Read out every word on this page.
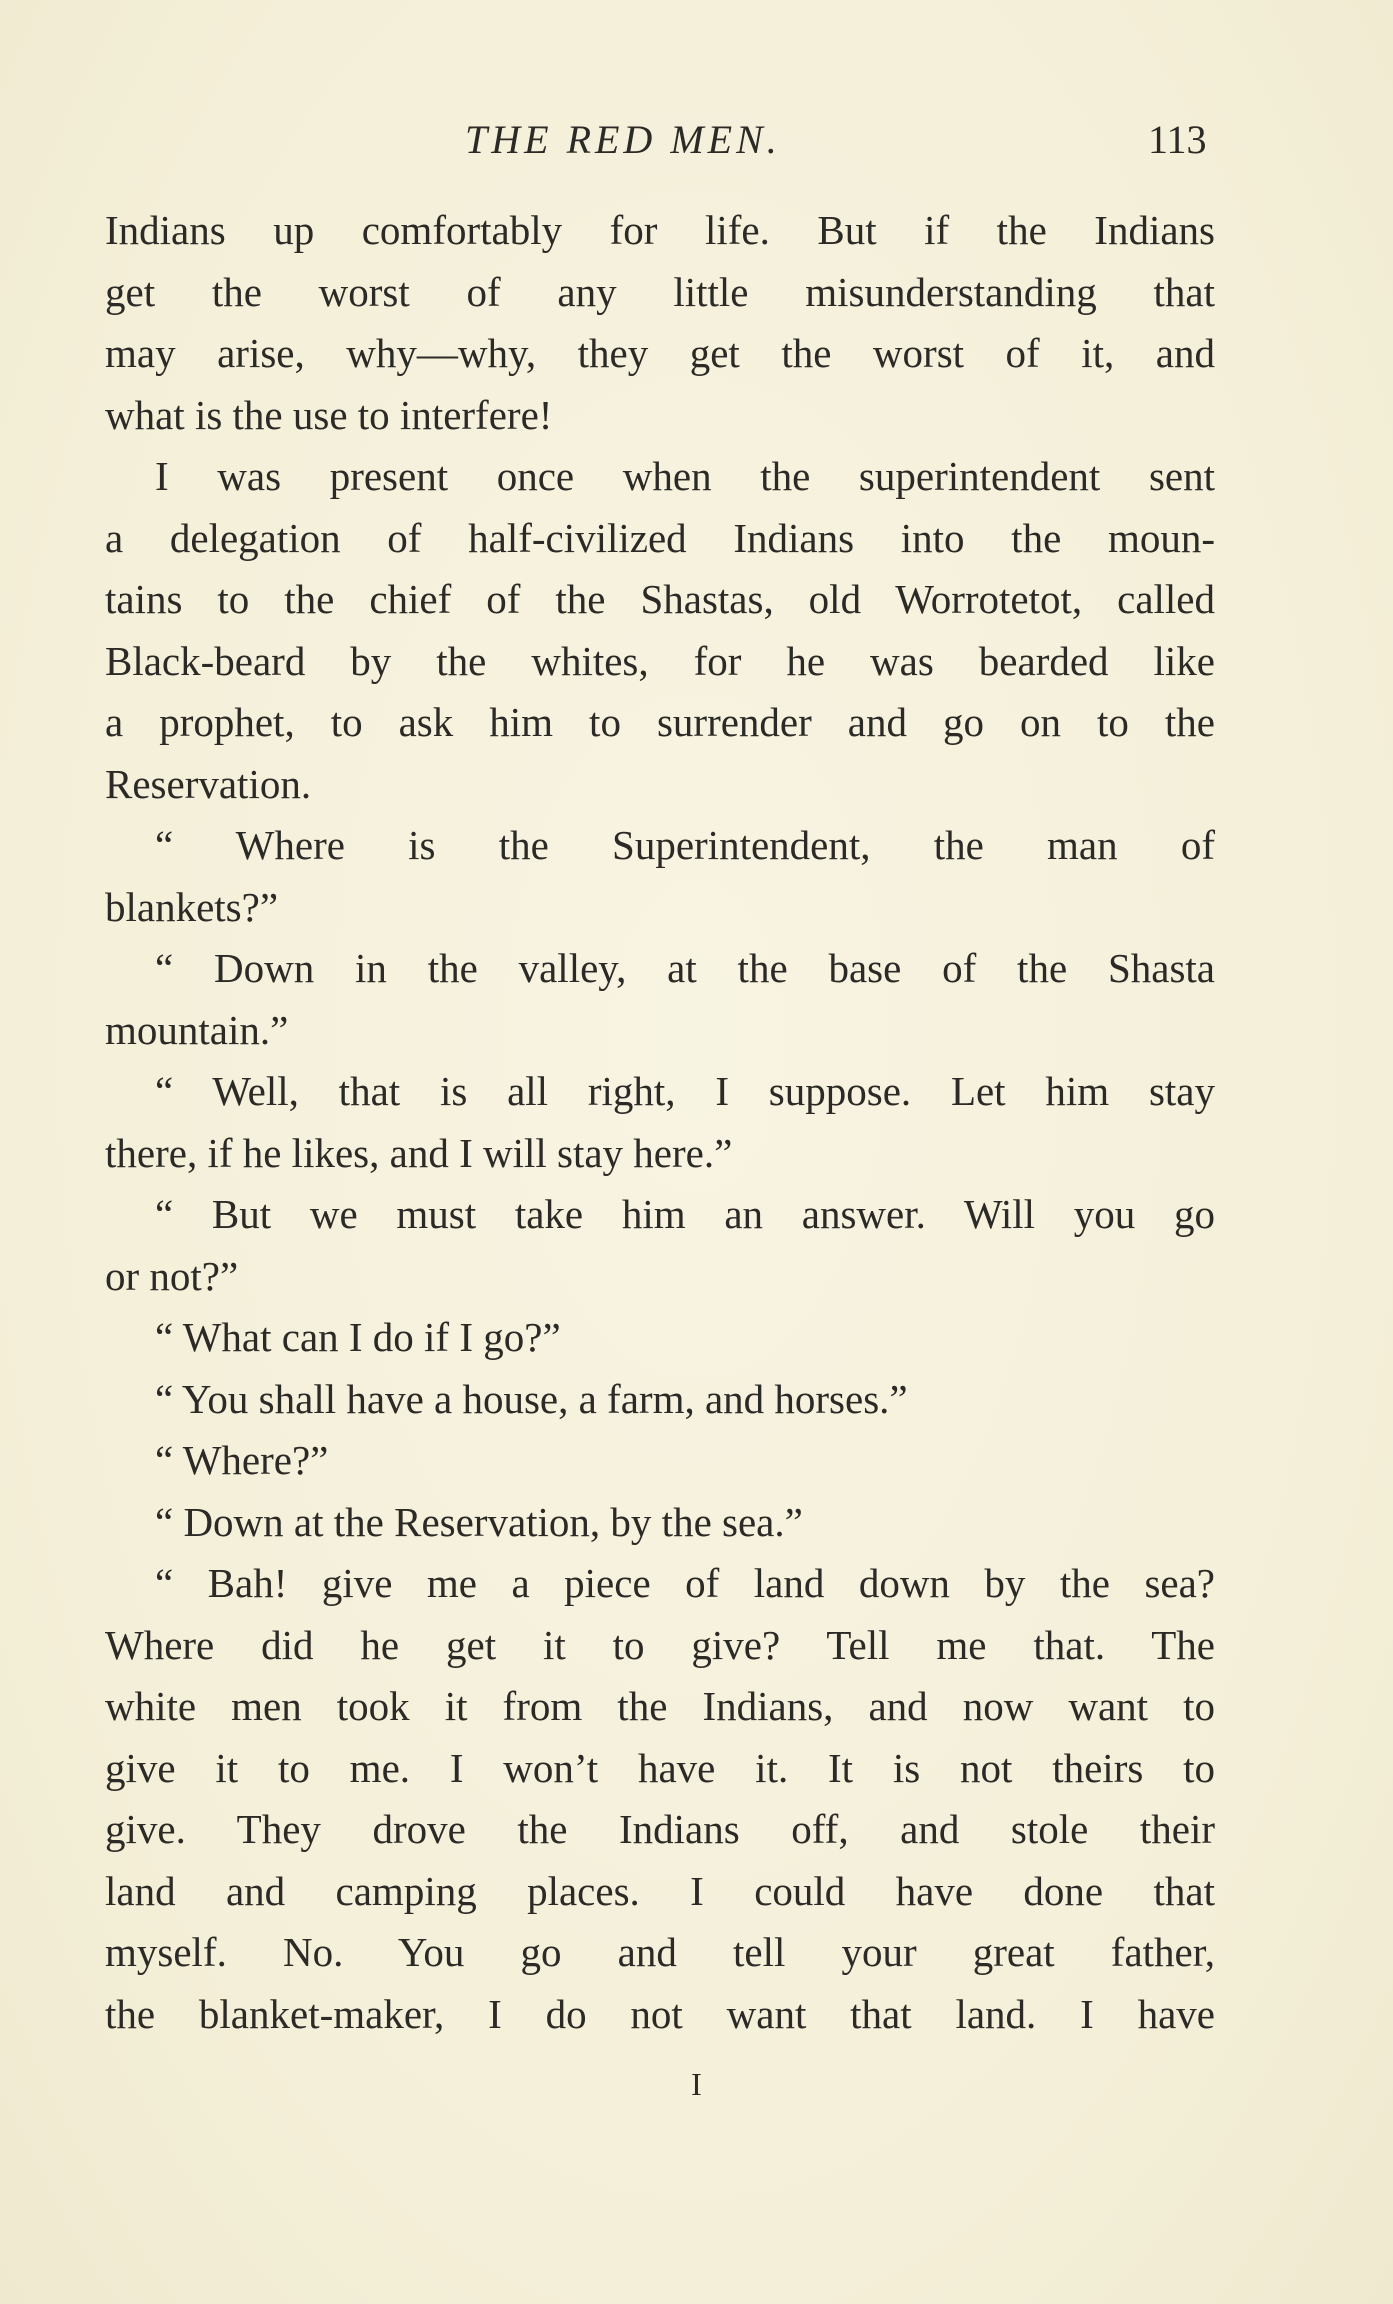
THE RED MEN.	113
Indians up comfortably for life. But if the Indians
get the worst of any little misunderstanding that
may arise, why—why, they get the worst of it, and
what is the use to interfere!
I was present once when the superintendent sent
a delegation of half-civilized Indians into the moun-
tains to the chief of the Shastas, old Worrotetot, called
Black-beard by the whites, for he was bearded like
a prophet, to ask him to surrender and go on to the
Reservation.
“ Where is the Superintendent, the man of
blankets?”
“ Down in the valley, at the base of the Shasta
mountain.”
“ Well, that is all right, I suppose. Let him stay
there, if he likes, and I will stay here.”
“ But we must take him an answer. Will you go
or not?”
“ What can I do if I go?”
“ You shall have a house, a farm, and horses.”
“ Where?”
“ Down at the Reservation, by the sea.”
“ Bah! give me a piece of land down by the sea?
Where did he get it to give? Tell me that. The
white men took it from the Indians, and now want to
give it to me. I won’t have it. It is not theirs to
give. They drove the Indians off, and stole their
land and camping places. I could have done that
myself. No. You go and tell your great father,
the blanket-maker, I do not want that land. I have
I
